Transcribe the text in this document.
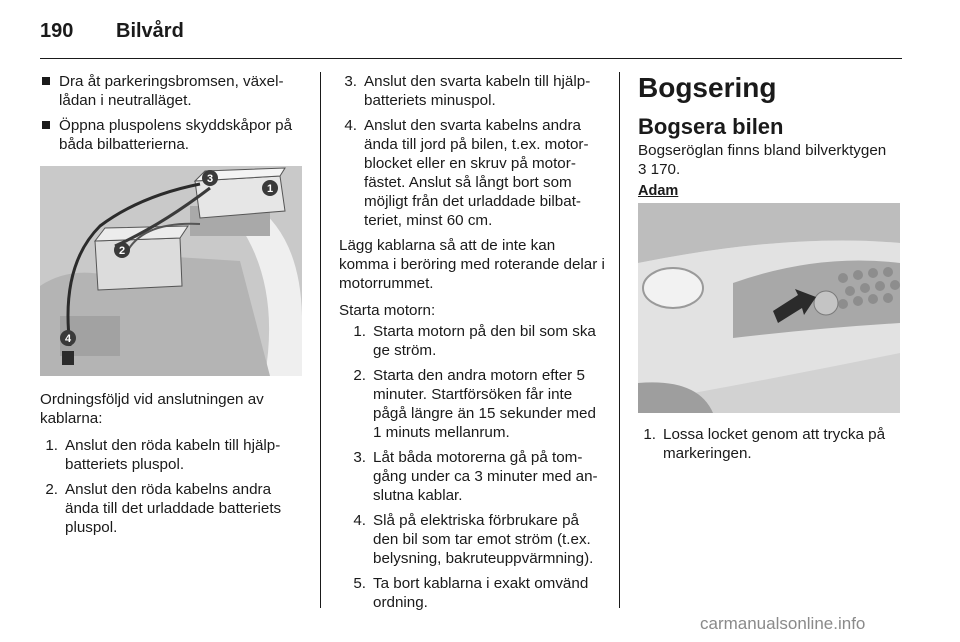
190 Bilvård
Dra åt parkeringsbromsen, växellådan i neutralläget.
Öppna pluspolens skyddskåpor på båda bilbatterierna.
1
3
2
4
Ordningsföljd vid anslutningen av kablarna:
1. Anslut den röda kabeln till hjälpbatteriets pluspol.
2. Anslut den röda kabelns andra ända till det urladdade batteriets pluspol.
3. Anslut den svarta kabeln till hjälpbatteriets minuspol.
4. Anslut den svarta kabelns andra ända till jord på bilen, t.ex. motorblocket eller en skruv på motorfästet. Anslut så långt bort som möjligt från det urladdade bilbatteriet, minst 60 cm.
Lägg kablarna så att de inte kan komma i beröring med roterande delar i motorrummet.
Starta motorn:
1. Starta motorn på den bil som ska ge ström.
2. Starta den andra motorn efter 5 minuter. Startförsöken får inte pågå längre än 15 sekunder med 1 minuts mellanrum.
3. Låt båda motorerna gå på tomgång under ca 3 minuter med anslutna kablar.
4. Slå på elektriska förbrukare på den bil som tar emot ström (t.ex. belysning, bakruteuppvärmning).
5. Ta bort kablarna i exakt omvänd ordning.
Bogsering
Bogsera bilen
Bogseröglan finns bland bilverktygen
3 170.
Adam
1. Lossa locket genom att trycka på markeringen.
carmanualsonline.info
